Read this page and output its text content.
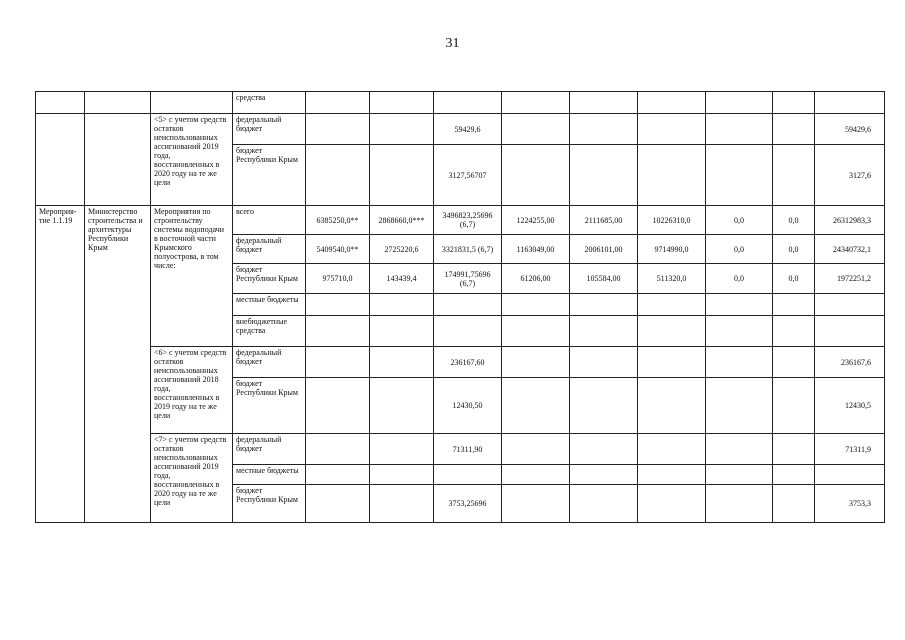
31
			средства									
		<5> с учетом средств остатков неиспользованных ассигнований 2019 года, восстановленных в 2020 году на те же цели	федеральный бюджет			59429,6						59429,6
			бюджет Республики Крым			3127,56707						3127,6
Мероприя-тие 1.1.19	Министерство строительства и архитектуры Республики Крым	Мероприятия по строительству системы водоподачи в восточной части Крымского полуострова, в том числе:	всего	6385250,0**	2868660,0***	3496823,25696 (6,7)	1224255,00	2111685,00	10226310,0	0,0	0,0	26312983,3
			федеральный бюджет	5409540,0**	2725220,6	3321831,5 (6,7)	1163049,00	2006101,00	9714990,0	0,0	0,0	24340732,1
			бюджет Республики Крым	975710,0	143439,4	174991,75696 (6,7)	61206,00	105584,00	511320,0	0,0	0,0	1972251,2
			местные бюджеты									
			внебюджетные средства									
		<6> с учетом средств остатков неиспользованных ассигнований 2018 года, восстановленных в 2019 году на те же цели	федеральный бюджет			236167,60						236167,6
			бюджет Республики Крым			12430,50						12430,5
		<7> с учетом средств остатков неиспользованных ассигнований 2019 года, восстановленных в 2020 году на те же цели	федеральный бюджет			71311,90						71311,9
			местные бюджеты									
			бюджет Республики Крым			3753,25696						3753,3
